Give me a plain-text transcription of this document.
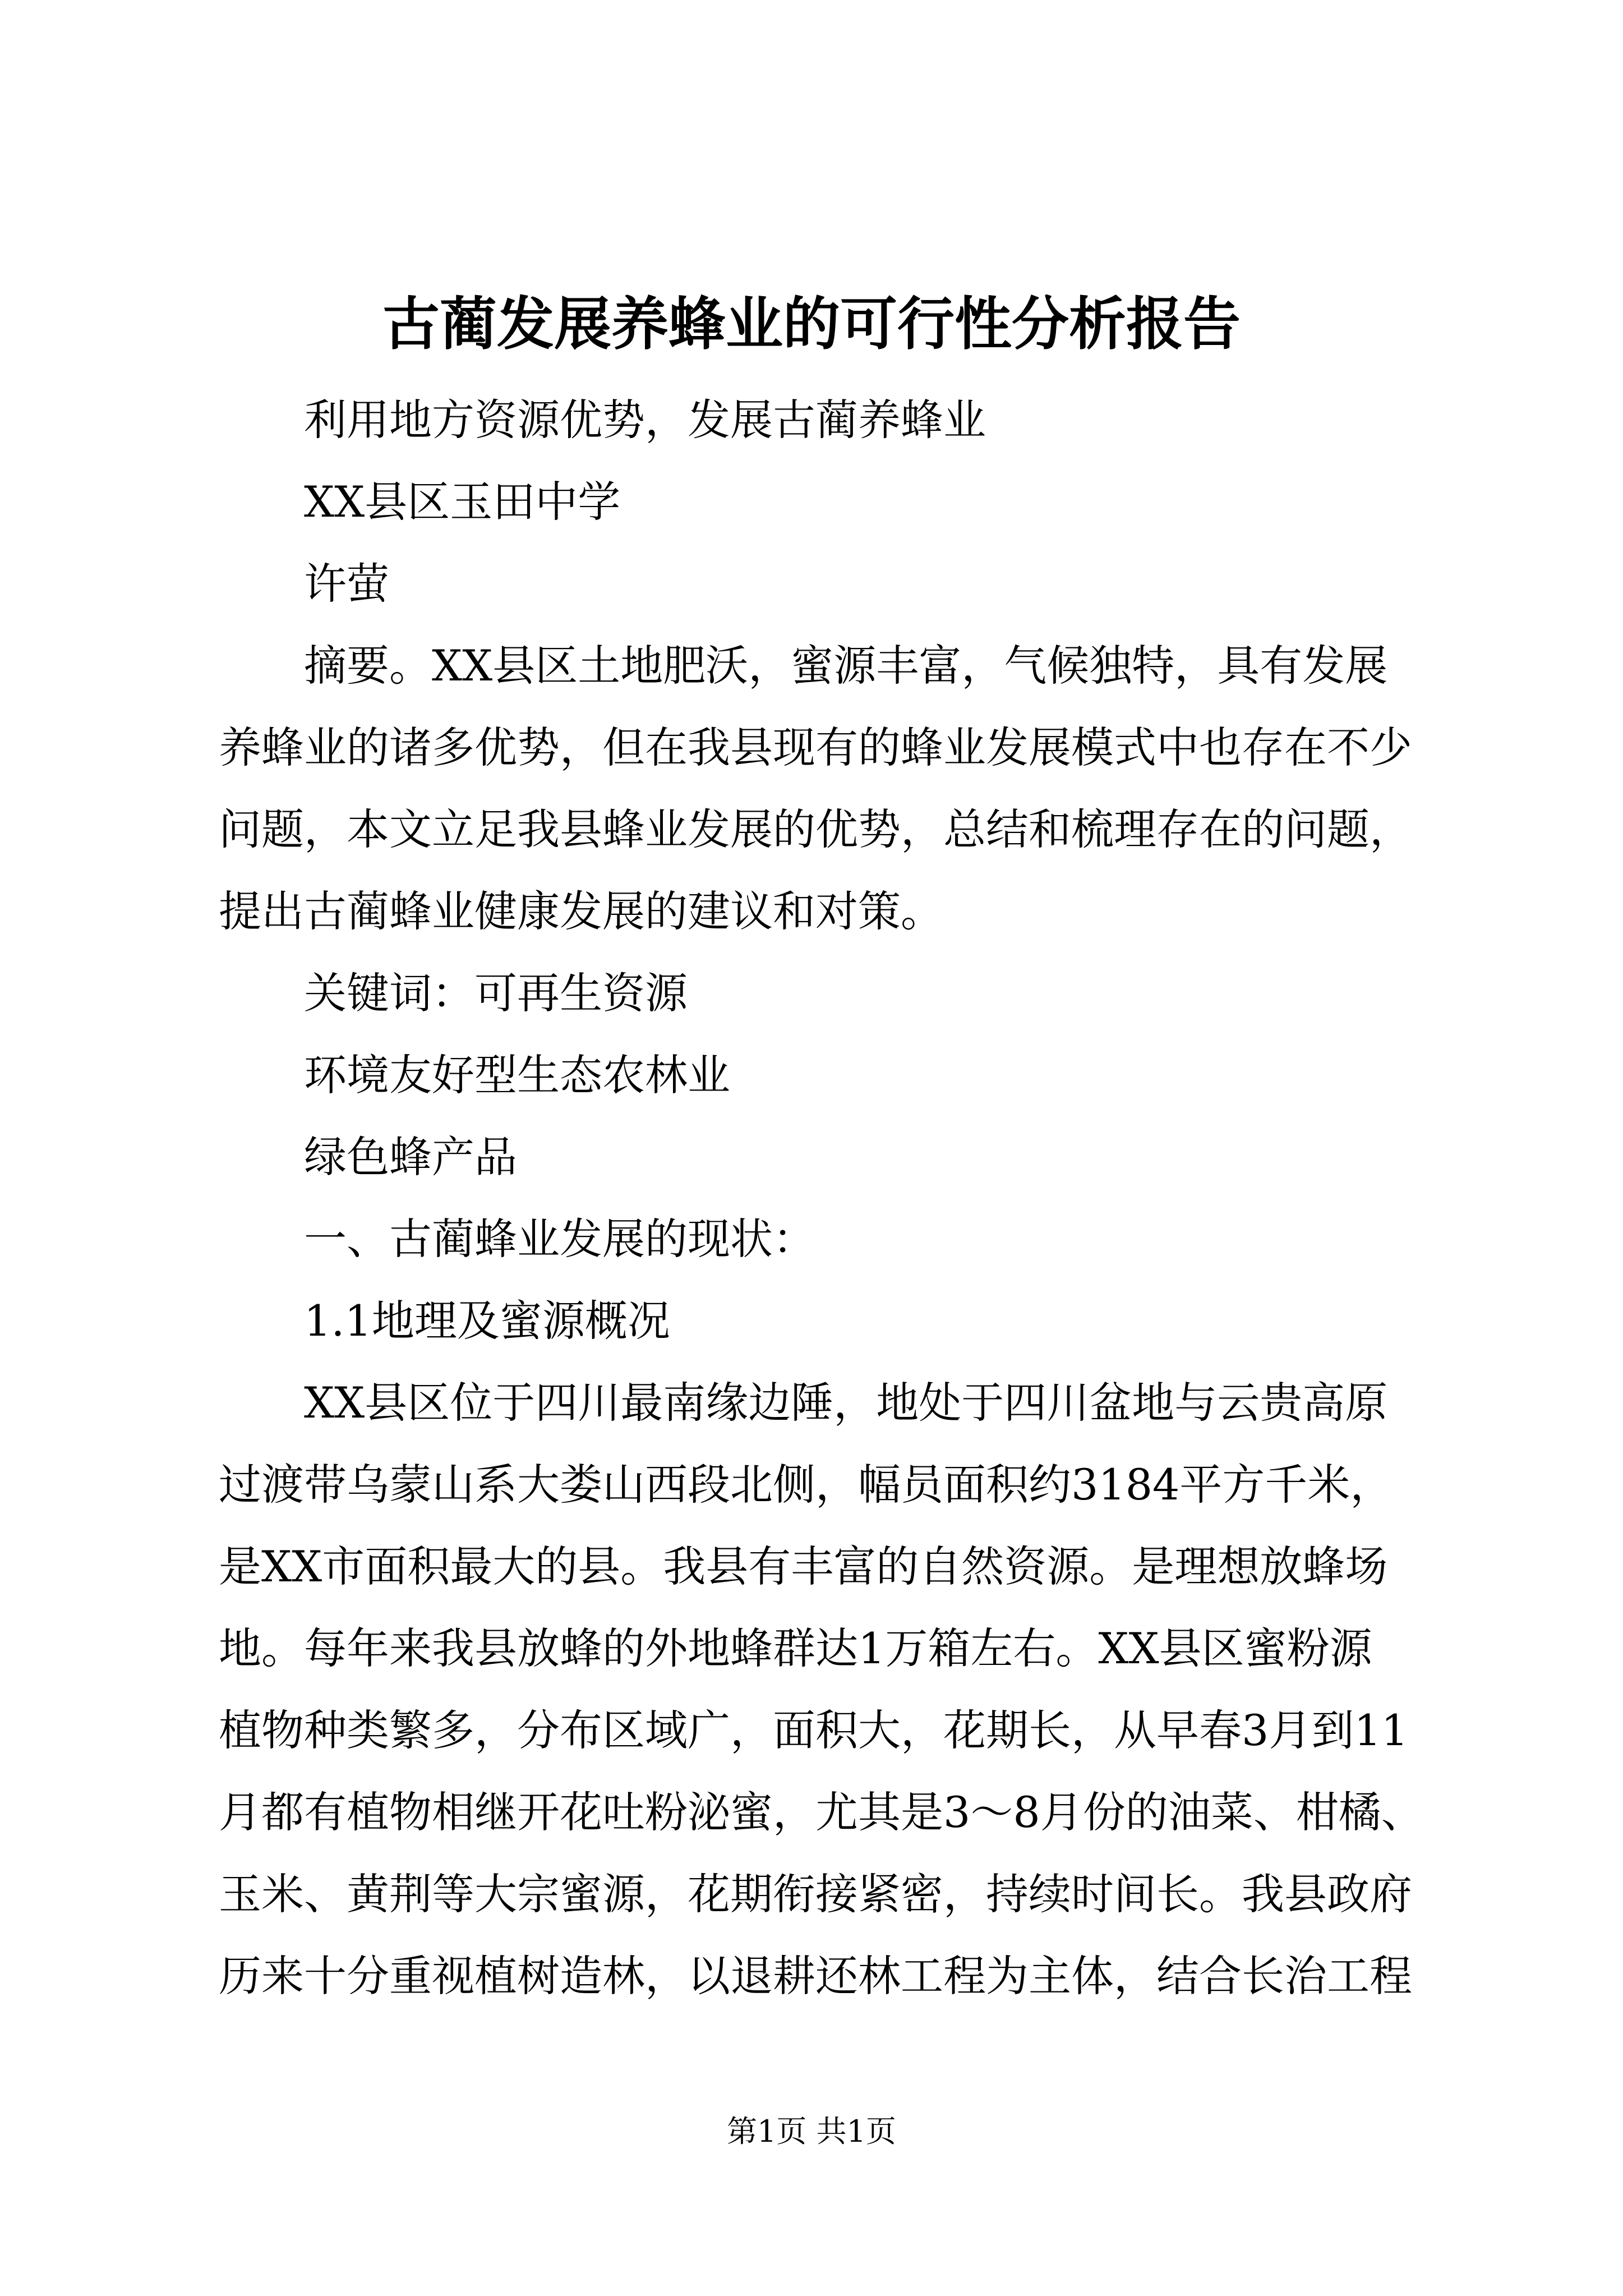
古蔺发展养蜂业的可行性分析报告

利用地方资源优势，发展古蔺养蜂业

XX县区玉田中学

许萤

摘要。XX县区土地肥沃，蜜源丰富，气候独特，具有发展
养蜂业的诸多优势，但在我县现有的蜂业发展模式中也存在不少
问题，本文立足我县蜂业发展的优势，总结和梳理存在的问题，
提出古蔺蜂业健康发展的建议和对策。

关键词：可再生资源

环境友好型生态农林业

绿色蜂产品

一、古蔺蜂业发展的现状：

1.1地理及蜜源概况

XX县区位于四川最南缘边陲，地处于四川盆地与云贵高原
过渡带乌蒙山系大娄山西段北侧，幅员面积约3184平方千米，
是XX市面积最大的县。我县有丰富的自然资源。是理想放蜂场
地。每年来我县放蜂的外地蜂群达1万箱左右。XX县区蜜粉源
植物种类繁多，分布区域广，面积大，花期长，从早春3月到11
月都有植物相继开花吐粉泌蜜，尤其是3～8月份的油菜、柑橘、
玉米、黄荆等大宗蜜源，花期衔接紧密，持续时间长。我县政府
历来十分重视植树造林，以退耕还林工程为主体，结合长治工程

第1页 共1页
